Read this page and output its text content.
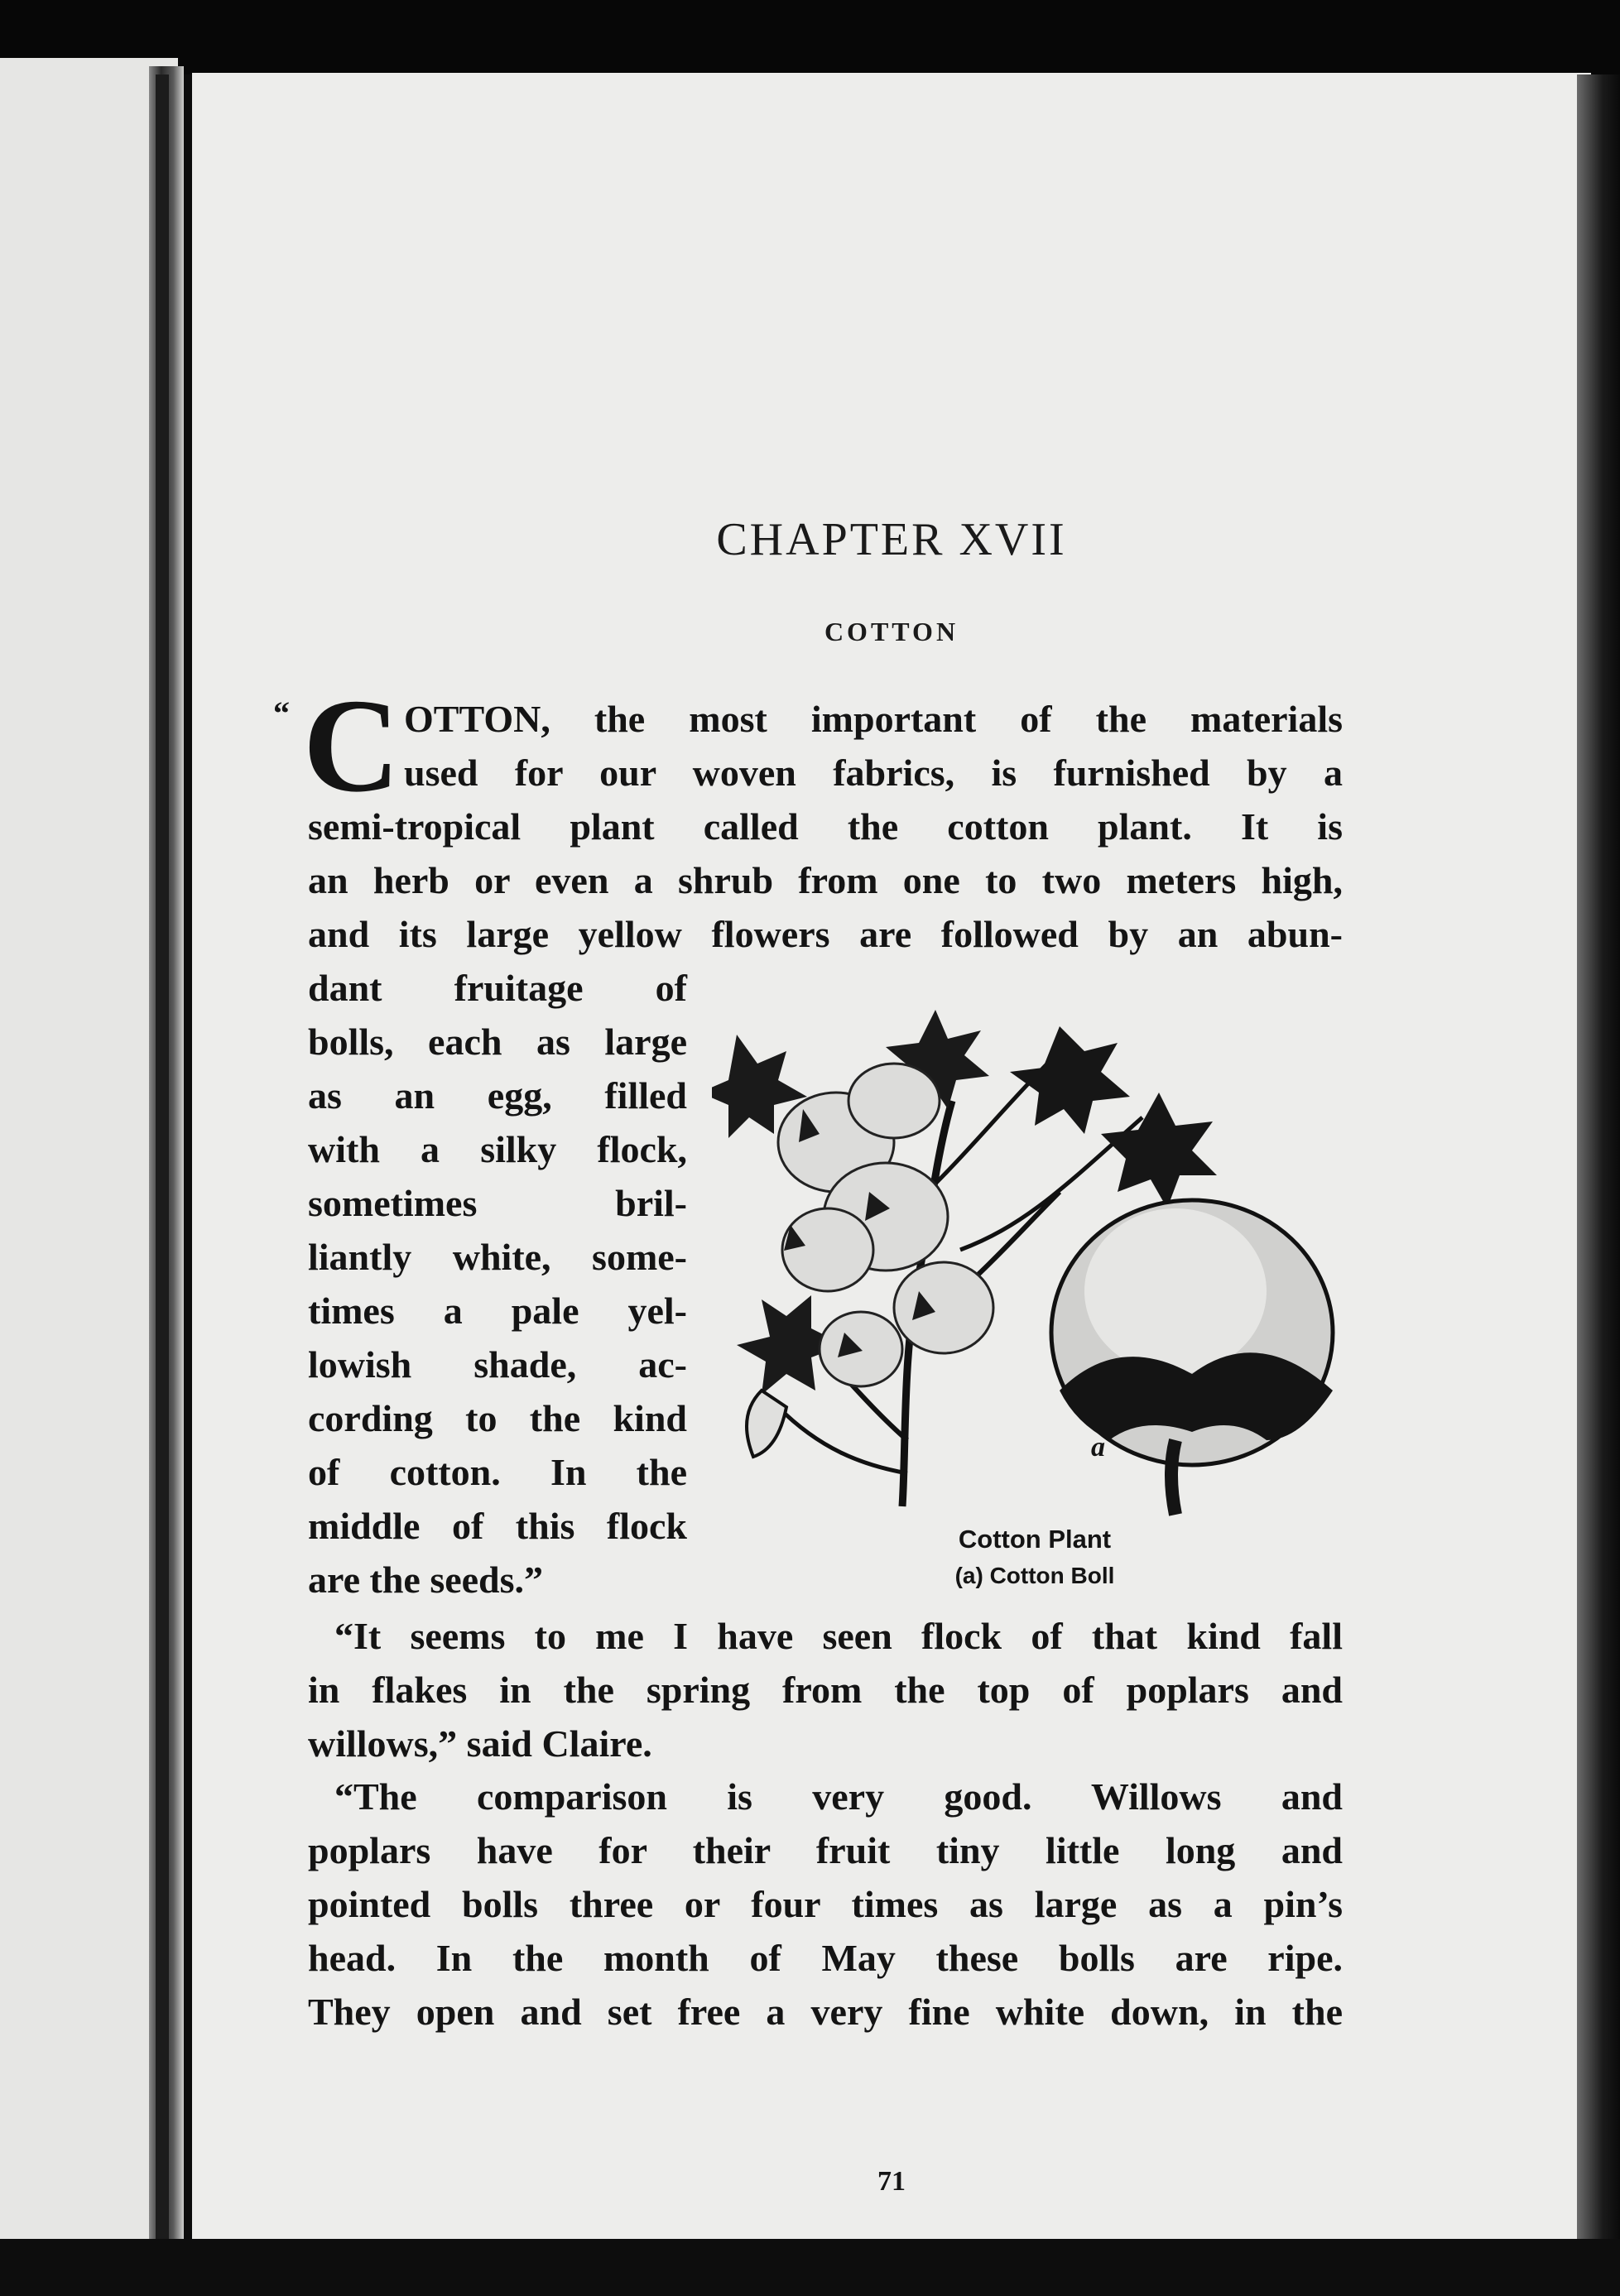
CHAPTER XVII
COTTON
“ C OTTON, the most important of the materials
used for our woven fabrics, is furnished by a
semi-tropical plant called the cotton plant. It is
an herb or even a shrub from one to two meters high,
and its large yellow flowers are followed by an abun-
dant fruitage of
bolls, each as large
as an egg, filled
with a silky flock,
sometimes bril-
liantly white, some-
times a pale yel-
lowish shade, ac-
cording to the kind
of cotton. In the
middle of this flock
are the seeds.”
a
Cotton Plant
(a) Cotton Boll
“It seems to me I have seen flock of that kind fall
in flakes in the spring from the top of poplars and
willows,” said Claire.
“The comparison is very good. Willows and
poplars have for their fruit tiny little long and
pointed bolls three or four times as large as a pin’s
head. In the month of May these bolls are ripe.
They open and set free a very fine white down, in the
71
